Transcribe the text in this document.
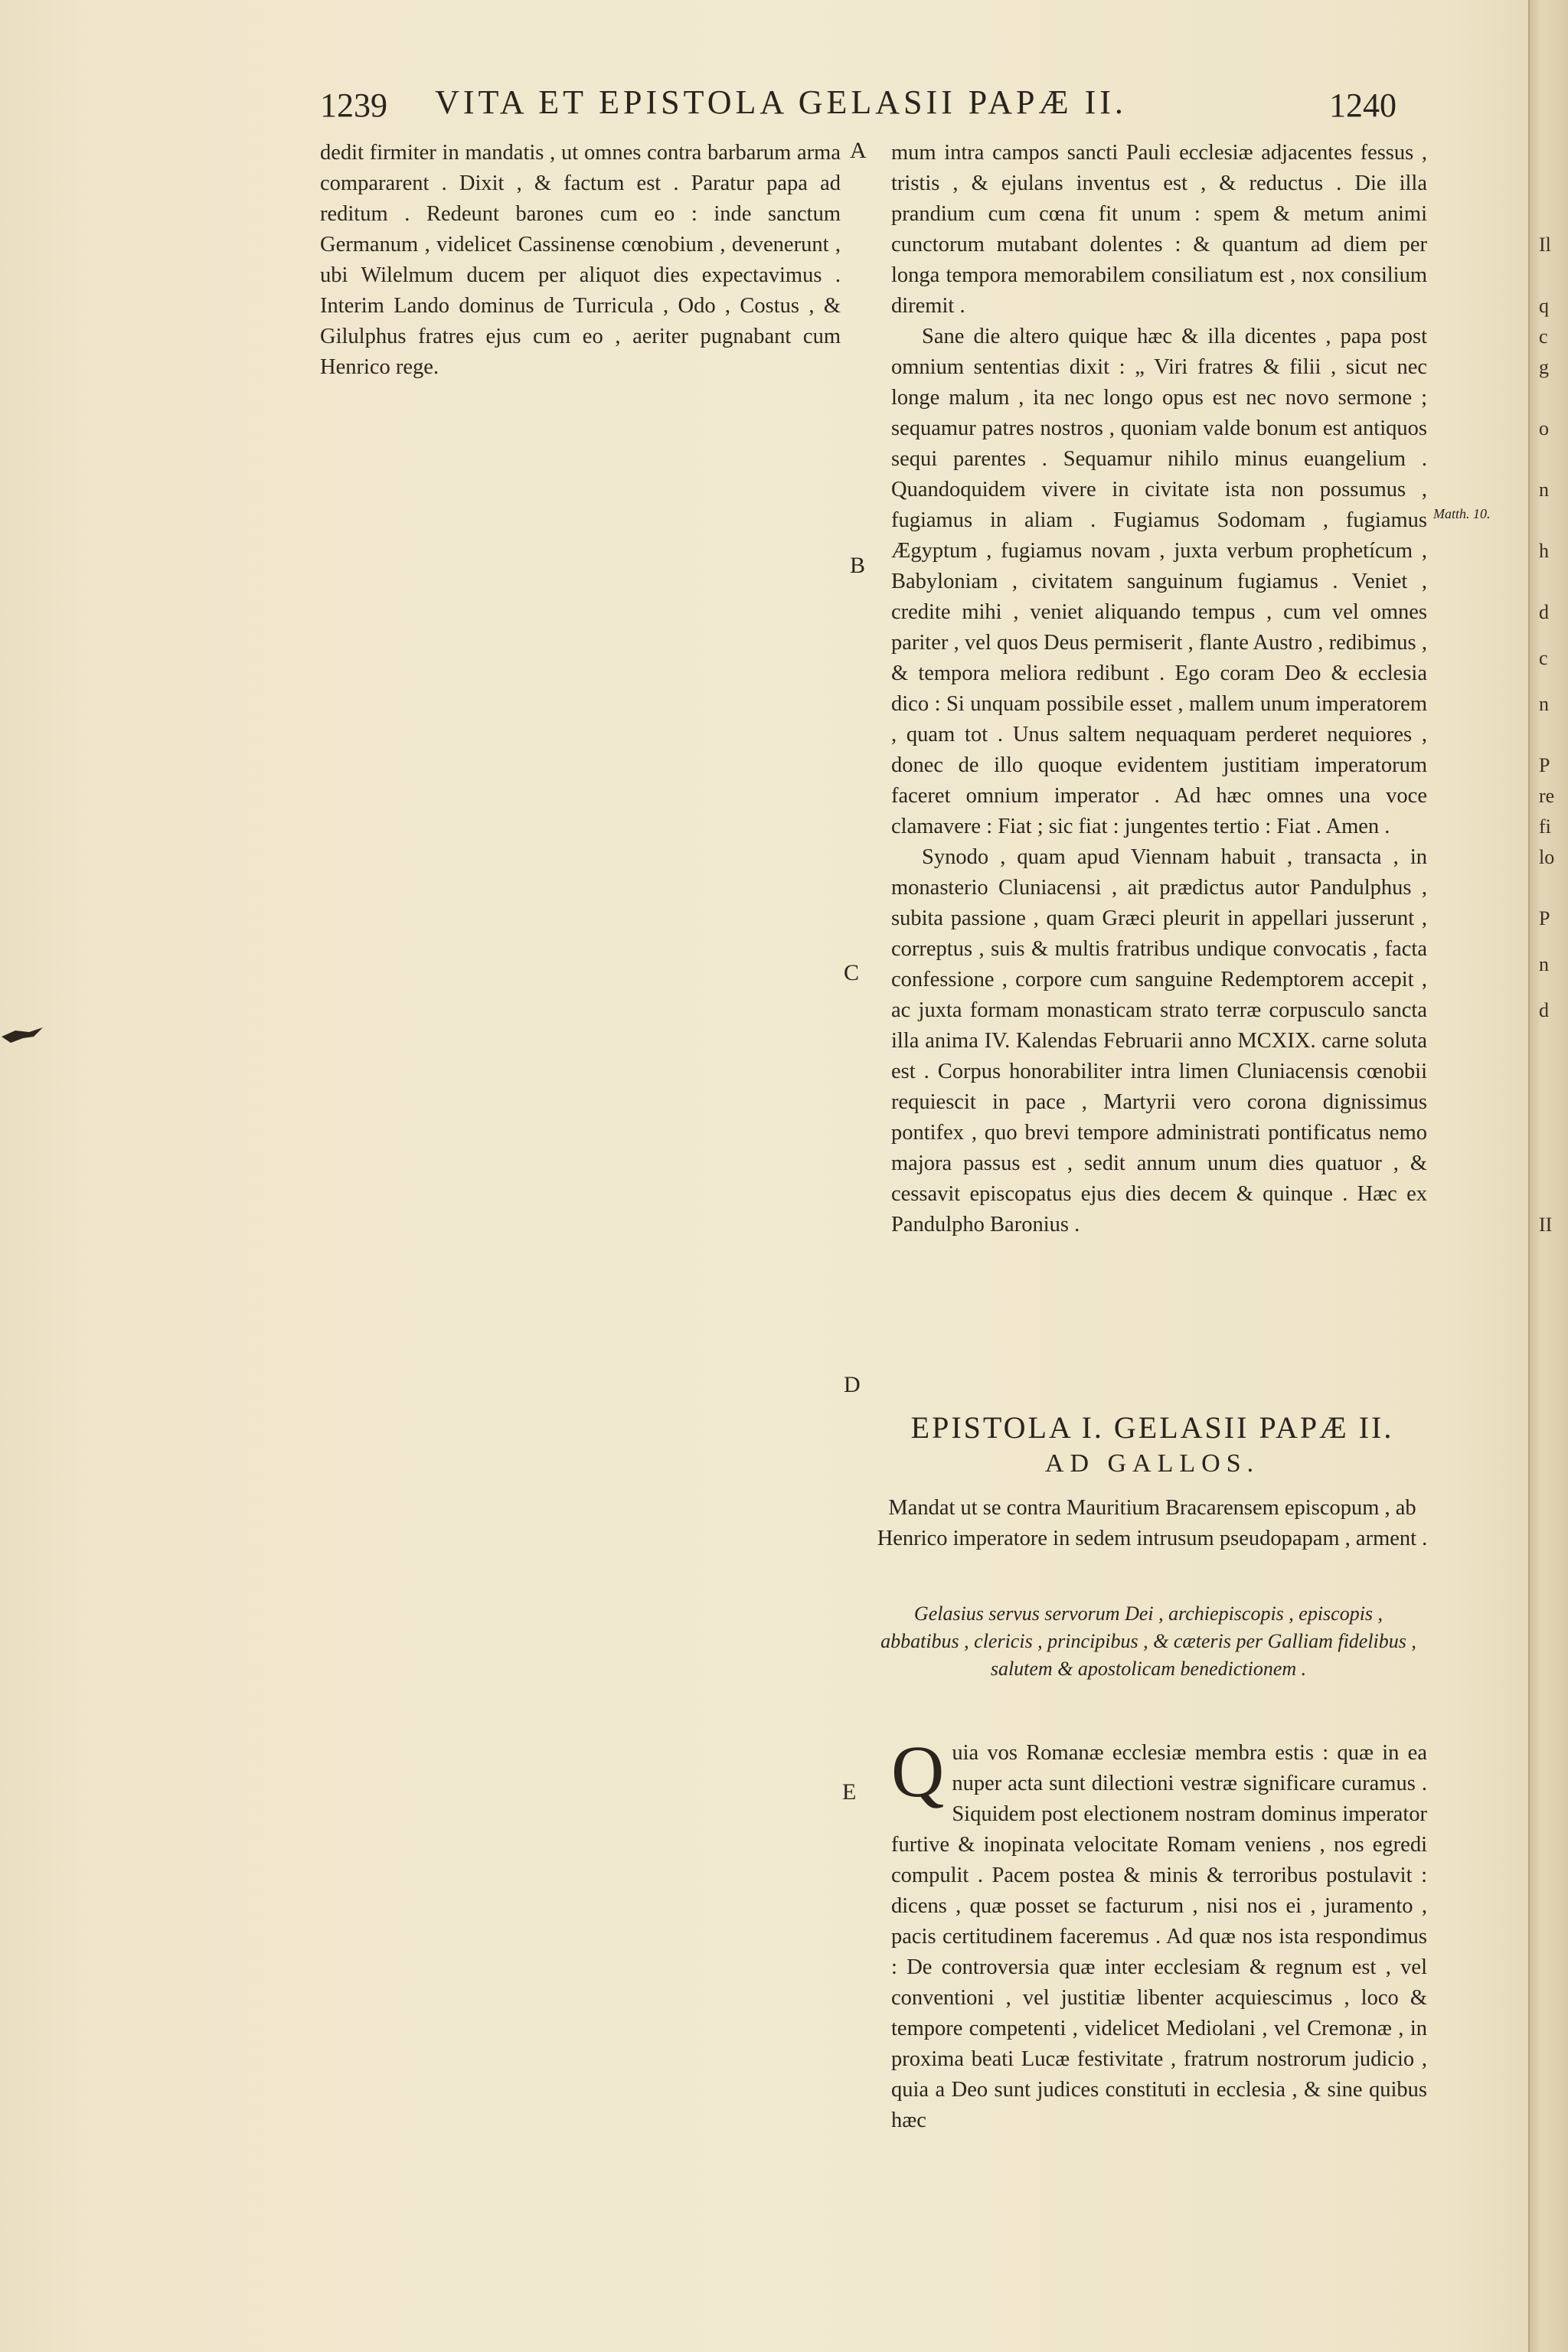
1239	VITA ET EPISTOLA GELASII PAPÆ II.	1240

dedit firmiter in mandatis , ut omnes contra barbarum arma compararent . Dixit , & factum est . Paratur papa ad reditum . Redeunt barones cum eo : inde sanctum Germanum , videlicet Cassinense cœnobium , devenerunt , ubi Wilelmum ducem per aliquot dies expectavimus . Interim Lando dominus de Turricula , Odo , Costus , & Gilulphus fratres ejus cum eo , aeriter pugnabant cum Henrico rege.

A
B
C
D
E
Matth. 10.

mum intra campos sancti Pauli ecclesiæ adjacentes fessus , tristis , & ejulans inventus est , & reductus . Die illa prandium cum cœna fit unum : spem & metum animi cunctorum mutabant dolentes : & quantum ad diem per longa tempora memorabilem consiliatum est , nox consilium diremit .

Sane die altero quique hæc & illa dicentes , papa post omnium sententias dixit : „ Viri fratres & filii , sicut nec longe malum , ita nec longo opus est nec novo sermone ; sequamur patres nostros , quoniam valde bonum est antiquos sequi parentes . Sequamur nihilo minus euangelium . Quandoquidem vivere in civitate ista non possumus , fugiamus in aliam . Fugiamus Sodomam , fugiamus Ægyptum , fugiamus novam , juxta verbum prophetícum , Babyloniam , civitatem sanguinum fugiamus . Veniet , credite mihi , veniet aliquando tempus , cum vel omnes pariter , vel quos Deus permiserit , flante Austro , redibimus , & tempora meliora redibunt . Ego coram Deo & ecclesia dico : Si unquam possibile esset , mallem unum imperatorem , quam tot . Unus saltem nequaquam perderet nequiores , donec de illo quoque evidentem justitiam imperatorum faceret omnium imperator . Ad hæc omnes una voce clamavere : Fiat ; sic fiat : jungentes tertio : Fiat . Amen .

Synodo , quam apud Viennam habuit , transacta , in monasterio Cluniacensi , ait prædictus autor Pandulphus , subita passione , quam Græci pleurit in appellari jusserunt , correptus , suis & multis fratribus undique convocatis , facta confessione , corpore cum sanguine Redemptorem accepit , ac juxta formam monasticam strato terræ corpusculo sancta illa anima IV. Kalendas Februarii anno MCXIX. carne soluta est . Corpus honorabiliter intra limen Cluniacensis cœnobii requiescit in pace , Martyrii vero corona dignissimus pontifex , quo brevi tempore administrati pontificatus nemo majora passus est , sedit annum unum dies quatuor , & cessavit episcopatus ejus dies decem & quinque . Hæc ex Pandulpho Baronius .

EPISTOLA I. GELASII PAPÆ II.
AD GALLOS.
Mandat ut se contra Mauritium Bracarensem episcopum , ab Henrico imperatore in sedem intrusum pseudopapam , arment .
Gelasius servus servorum Dei , archiepiscopis , episcopis , abbatibus , clericis , principibus , & cæteris per Galliam fidelibus , salutem & apostolicam benedictionem .
Q uia vos Romanæ ecclesiæ membra estis : quæ in ea nuper acta sunt dilectioni vestræ significare curamus . Siquidem post electionem nostram dominus imperator furtive & inopinata velocitate Romam veniens , nos egredi compulit . Pacem postea & minis & terroribus postulavit : dicens , quæ posset se facturum , nisi nos ei , juramento , pacis certitudinem faceremus . Ad quæ nos ista respondimus : De controversia quæ inter ecclesiam & regnum est , vel conventioni , vel justitiæ libenter acquiescimus , loco & tempore competenti , videlicet Mediolani , vel Cremonæ , in proxima beati Lucæ festivitate , fratrum nostrorum judicio , quia a Deo sunt judices constituti in ecclesia , & sine quibus hæc
Il
q
c
g
o
n
h
d
c
n
P
re
fi
lo
P
n
d
II
